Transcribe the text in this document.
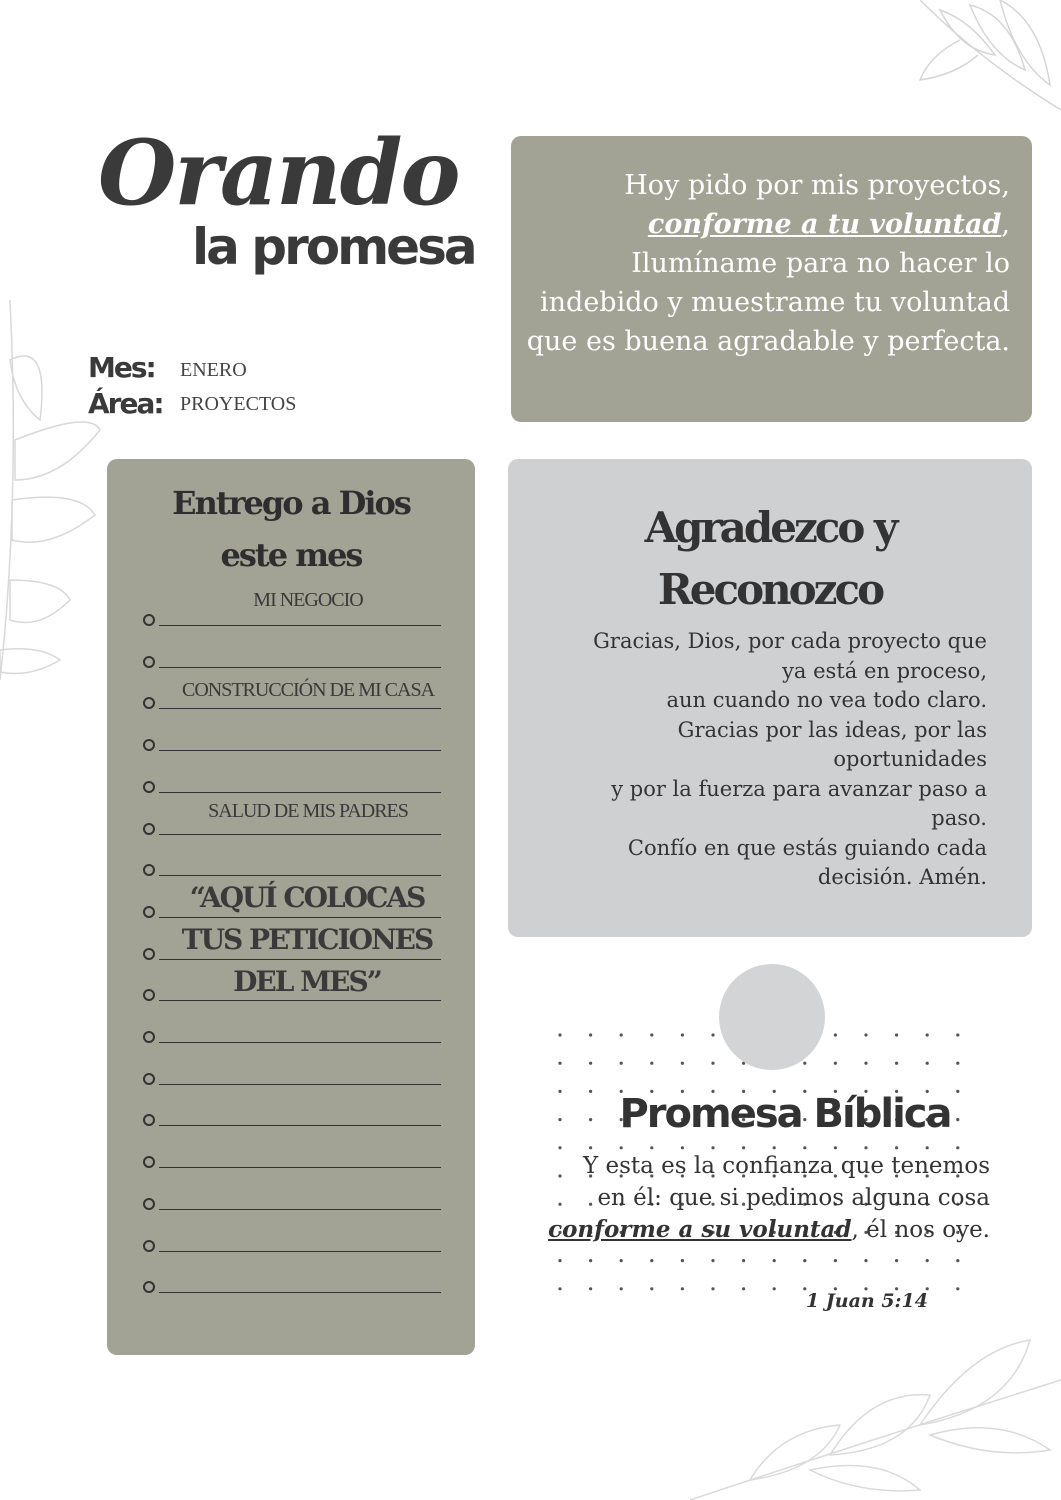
Orando
la promesa
Mes: ENERO
Área: PROYECTOS
Hoy pido por mis proyectos,
conforme a tu voluntad,
Ilumíname para no hacer lo
indebido y muestrame tu voluntad
que es buena agradable y perfecta.
Entrego a Dios
este mes
MI NEGOCIO
CONSTRUCCIÓN DE MI CASA
SALUD DE MIS PADRES
“AQUÍ COLOCAS TUS PETICIONES DEL MES”
Agradezco y
Reconozco
Gracias, Dios, por cada proyecto que
ya está en proceso,
aun cuando no vea todo claro.
Gracias por las ideas, por las
oportunidades
y por la fuerza para avanzar paso a
paso.
Confío en que estás guiando cada
decisión. Amén.
Promesa Bíblica
Y esta es la confianza que tenemos
en él: que si pedimos alguna cosa
conforme a su voluntad, él nos oye.
1 Juan 5:14
